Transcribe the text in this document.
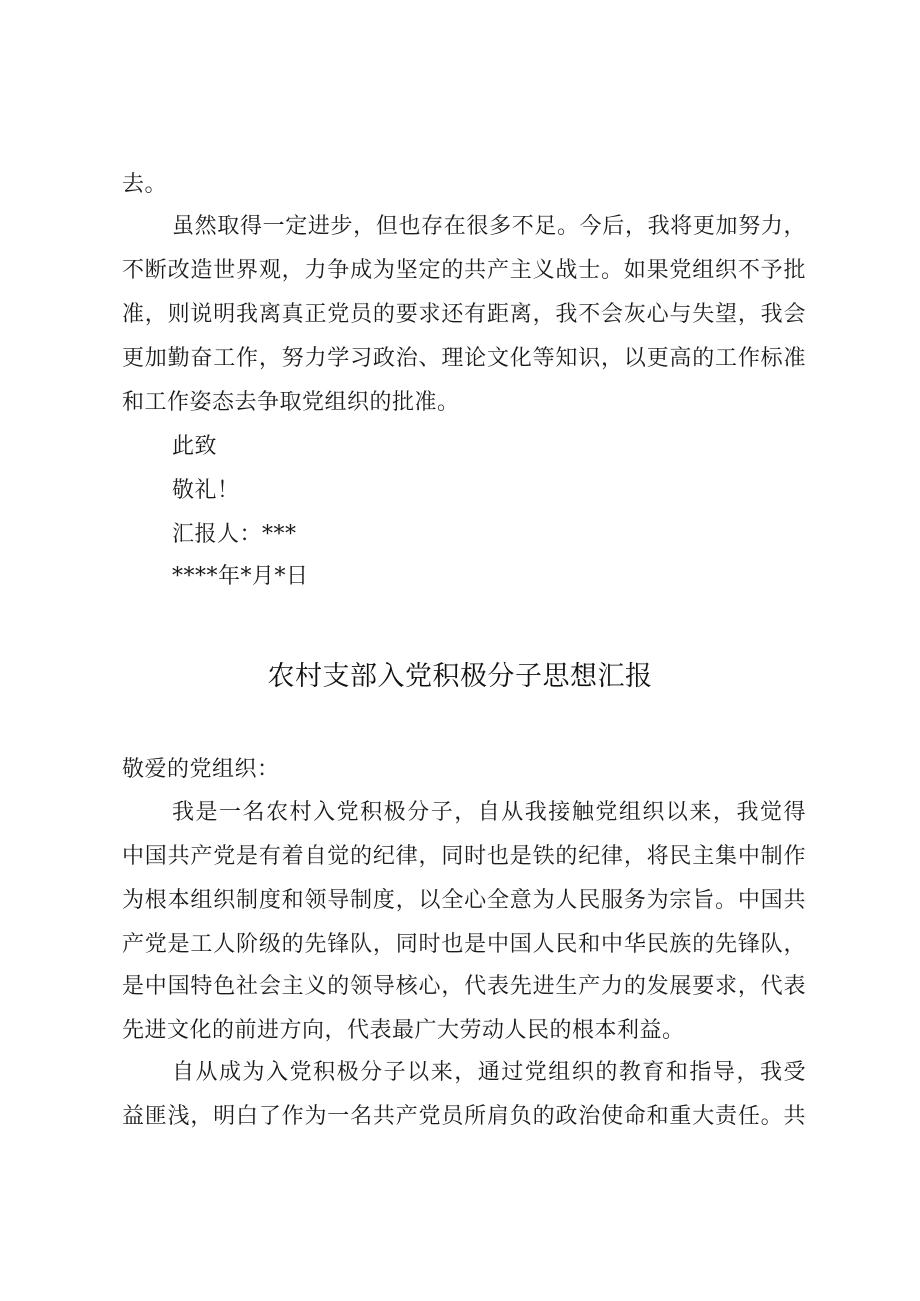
去。
虽然取得一定进步，但也存在很多不足。今后，我将更加努力，
不断改造世界观，力争成为坚定的共产主义战士。如果党组织不予批
准，则说明我离真正党员的要求还有距离，我不会灰心与失望，我会
更加勤奋工作，努力学习政治、理论文化等知识，以更高的工作标准
和工作姿态去争取党组织的批准。
此致
敬礼！
汇报人：***
****年*月*日
农村支部入党积极分子思想汇报
敬爱的党组织：
我是一名农村入党积极分子，自从我接触党组织以来，我觉得
中国共产党是有着自觉的纪律，同时也是铁的纪律，将民主集中制作
为根本组织制度和领导制度，以全心全意为人民服务为宗旨。中国共
产党是工人阶级的先锋队，同时也是中国人民和中华民族的先锋队，
是中国特色社会主义的领导核心，代表先进生产力的发展要求，代表
先进文化的前进方向，代表最广大劳动人民的根本利益。
自从成为入党积极分子以来，通过党组织的教育和指导，我受
益匪浅，明白了作为一名共产党员所肩负的政治使命和重大责任。共
